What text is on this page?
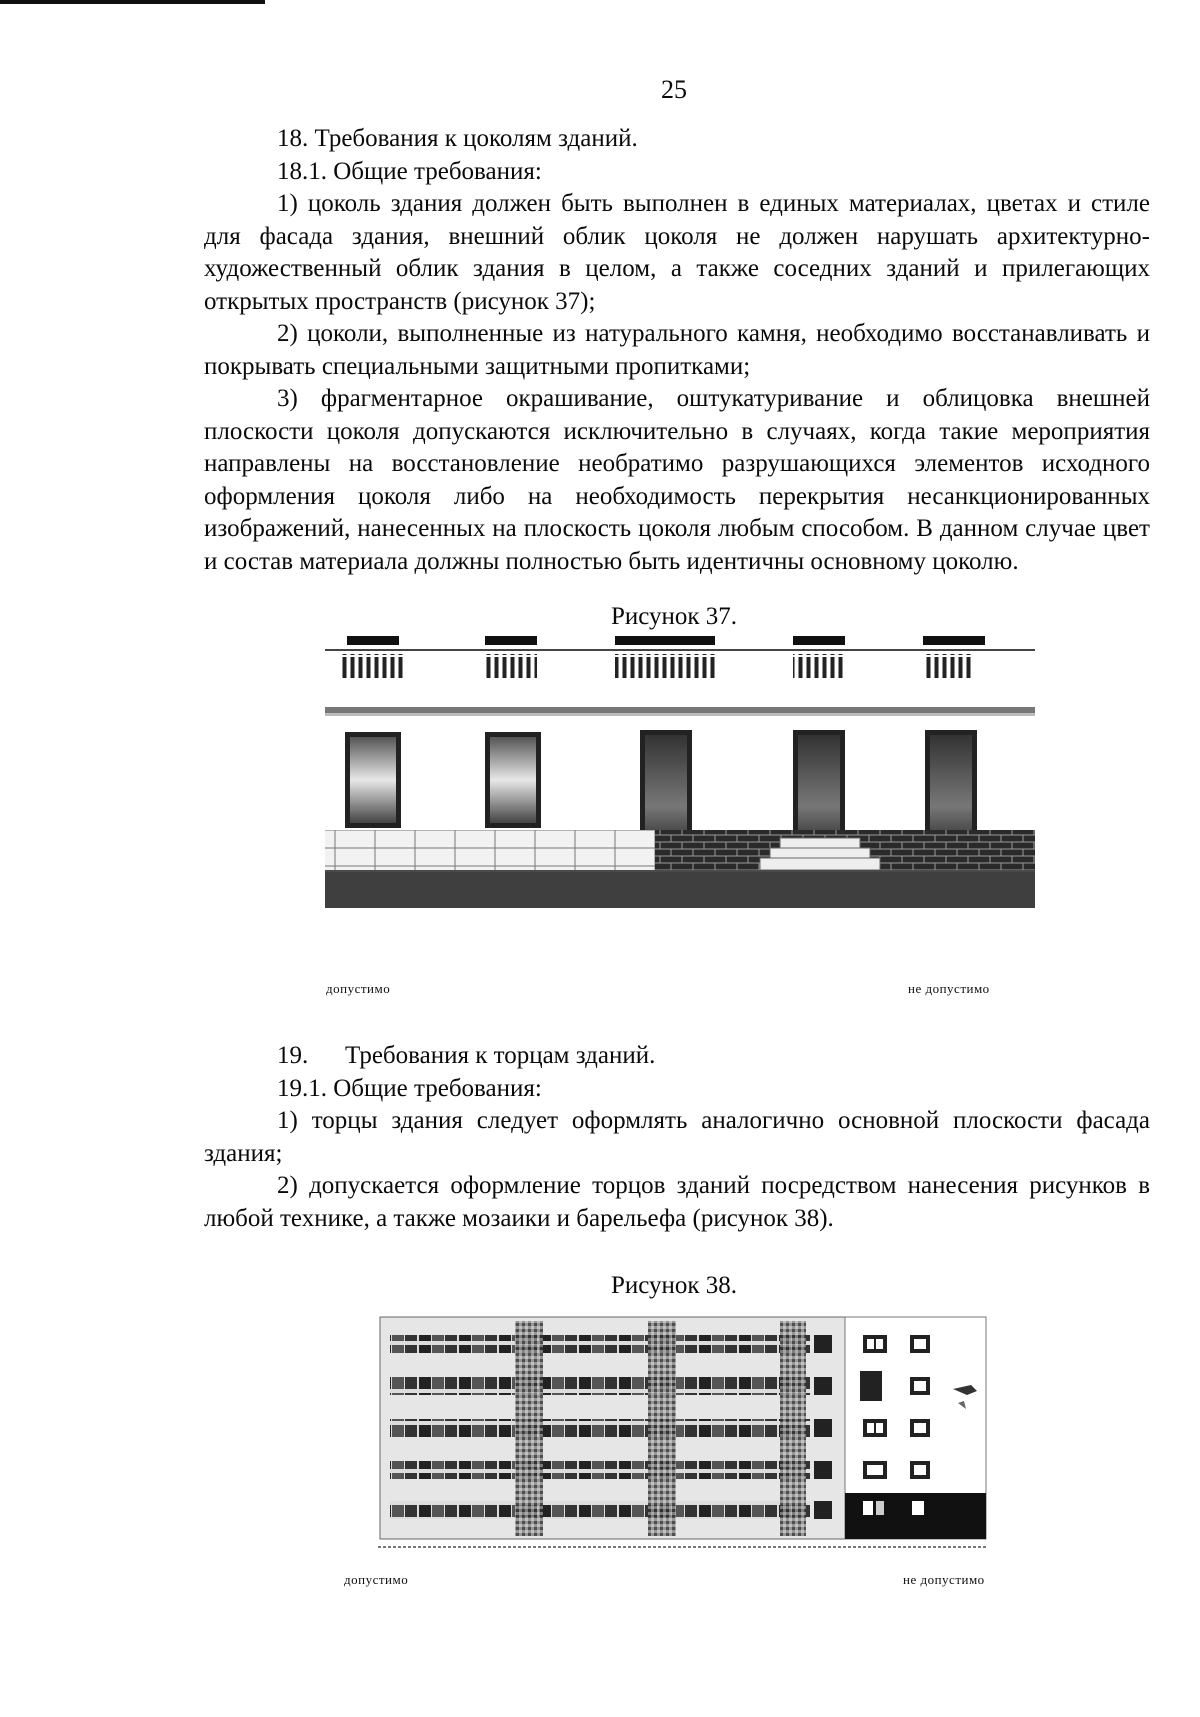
25

18. Требования к цоколям зданий.

18.1. Общие требования:

1) цоколь здания должен быть выполнен в единых материалах, цветах и стиле для фасада здания, внешний облик цоколя не должен нарушать архитектурно-художественный облик здания в целом, а также соседних зданий и прилегающих открытых пространств (рисунок 37);

2) цоколи, выполненные из натурального камня, необходимо восстанавливать и покрывать специальными защитными пропитками;

3) фрагментарное окрашивание, оштукатуривание и облицовка внешней плоскости цоколя допускаются исключительно в случаях, когда такие мероприятия направлены на восстановление необратимо разрушающихся элементов исходного оформления цоколя либо на необходимость перекрытия несанкционированных изображений, нанесенных на плоскость цоколя любым способом. В данном случае цвет и состав материала должны полностью быть идентичны основному цоколю.

Рисунок 37.
допустимо	не допустимо

19. Требования к торцам зданий.

19.1. Общие требования:

1) торцы здания следует оформлять аналогично основной плоскости фасада здания;

2) допускается оформление торцов зданий посредством нанесения рисунков в любой технике, а также мозаики и барельефа (рисунок 38).

Рисунок 38.
допустимо	не допустимо
